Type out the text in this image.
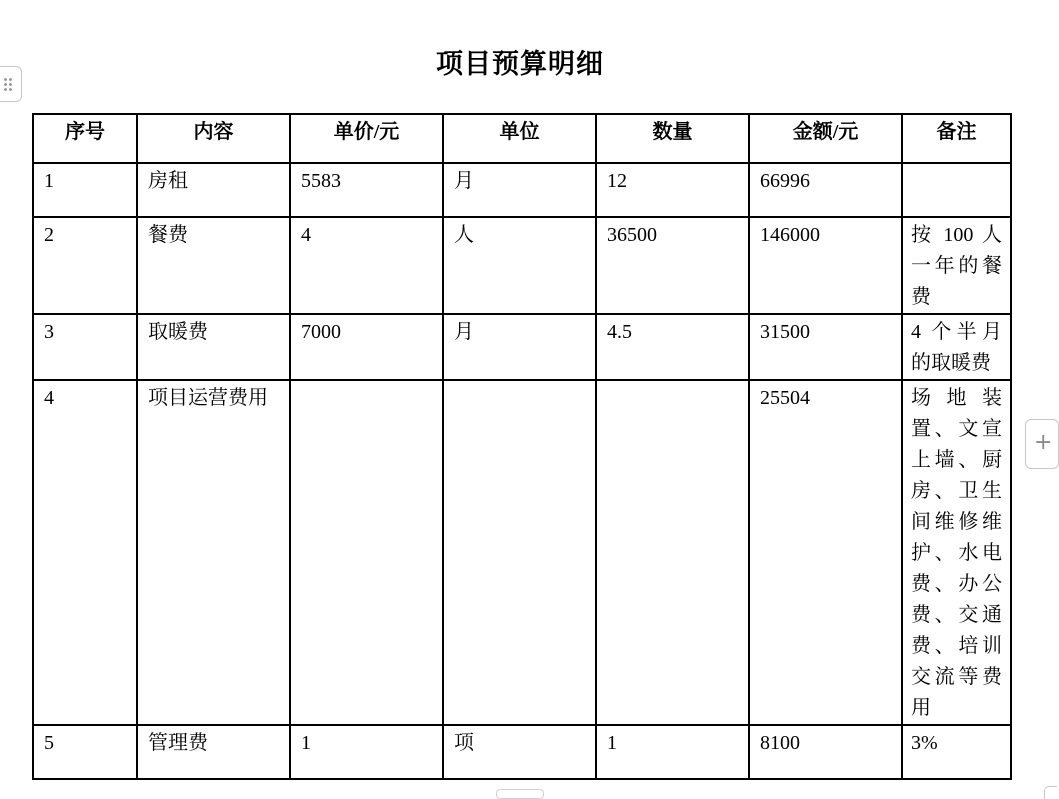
项目预算明细
序号	内容	单价/元	单位	数量	金额/元	备注
1	房租	5583	月	12	66996	
2	餐费	4	人	36500	146000	按 100 人一年的餐费
3	取暖费	7000	月	4.5	31500	4 个半月的取暖费
4	项目运营费用				25504	场地装置、文宣上墙、厨房、卫生间维修维护、水电费、办公费、交通费、培训交流等费用
5	管理费	1	项	1	8100	3%
+
